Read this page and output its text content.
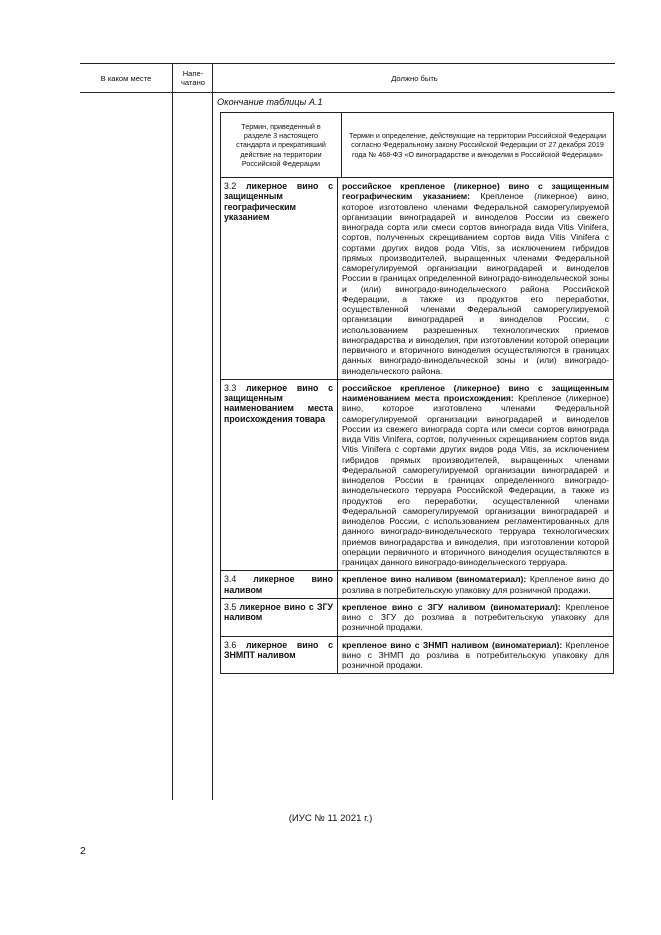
В каком месте	Напе-
чатано	Должно быть
Окончание таблицы А.1
Термин, приведенный в разделе 3 настоящего стандарта и прекративший действие на территории Российской Федерации
Термин и определение, действующие на территории Российской Федерации согласно Федеральному закону Российской Федерации от 27 декабря 2019 года № 468-ФЗ «О виноградарстве и виноделии в Российской Федерации»
3.2 ликерное вино с защищенным географическим указанием
российское крепленое (ликерное) вино с защищенным географическим указанием: Крепленое (ликерное) вино, которое изготовлено членами Федеральной саморегулируемой организации виноградарей и виноделов России из свежего винограда сорта или смеси сортов винограда вида Vitis Vinifera, сортов, полученных скрещиванием сортов вида Vitis Vinifera с сортами других видов рода Vitis, за исключением гибридов прямых производителей, выращенных членами Федеральной саморегулируемой организации виноградарей и виноделов России в границах определенной виноградо-винодельческой зоны и (или) виноградо-винодельческого района Российской Федерации, а также из продуктов его переработки, осуществленной членами Федеральной саморегулируемой организации виноградарей и виноделов России, с использованием разрешенных технологических приемов виноградарства и виноделия, при изготовлении которой операции первичного и вторичного виноделия осуществляются в границах данных виноградо-винодельческой зоны и (или) виноградо-винодельческого района.
3.3 ликерное вино с защищенным наименованием места происхождения товара
российское крепленое (ликерное) вино с защищенным наименованием места происхождения: Крепленое (ликерное) вино, которое изготовлено членами Федеральной саморегулируемой организации виноградарей и виноделов России из свежего винограда сорта или смеси сортов винограда вида Vitis Vinifera, сортов, полученных скрещиванием сортов вида Vitis Vinifera с сортами других видов рода Vitis, за исключением гибридов прямых производителей, выращенных членами Федеральной саморегулируемой организации виноградарей и виноделов России в границах определенного виноградо-винодельческого терруара Российской Федерации, а также из продуктов его переработки, осуществленной членами Федеральной саморегулируемой организации виноградарей и виноделов России, с использованием регламентированных для данного виноградо-винодельческого терруара технологических приемов виноградарства и виноделия, при изготовлении которой операции первичного и вторичного виноделия осуществляются в границах данного виноградо-винодельческого терруара.
3.4 ликерное вино наливом
крепленое вино наливом (виноматериал): Крепленое вино до розлива в потребительскую упаковку для розничной продажи.
3.5 ликерное вино с ЗГУ наливом
крепленое вино с ЗГУ наливом (виноматериал): Крепленое вино с ЗГУ до розлива в потребительскую упаковку для розничной продажи.
3.6 ликерное вино с ЗНМПТ наливом
крепленое вино с ЗНМП наливом (виноматериал): Крепленое вино с ЗНМП до розлива в потребительскую упаковку для розничной продажи.
(ИУС № 11 2021 г.)
2
